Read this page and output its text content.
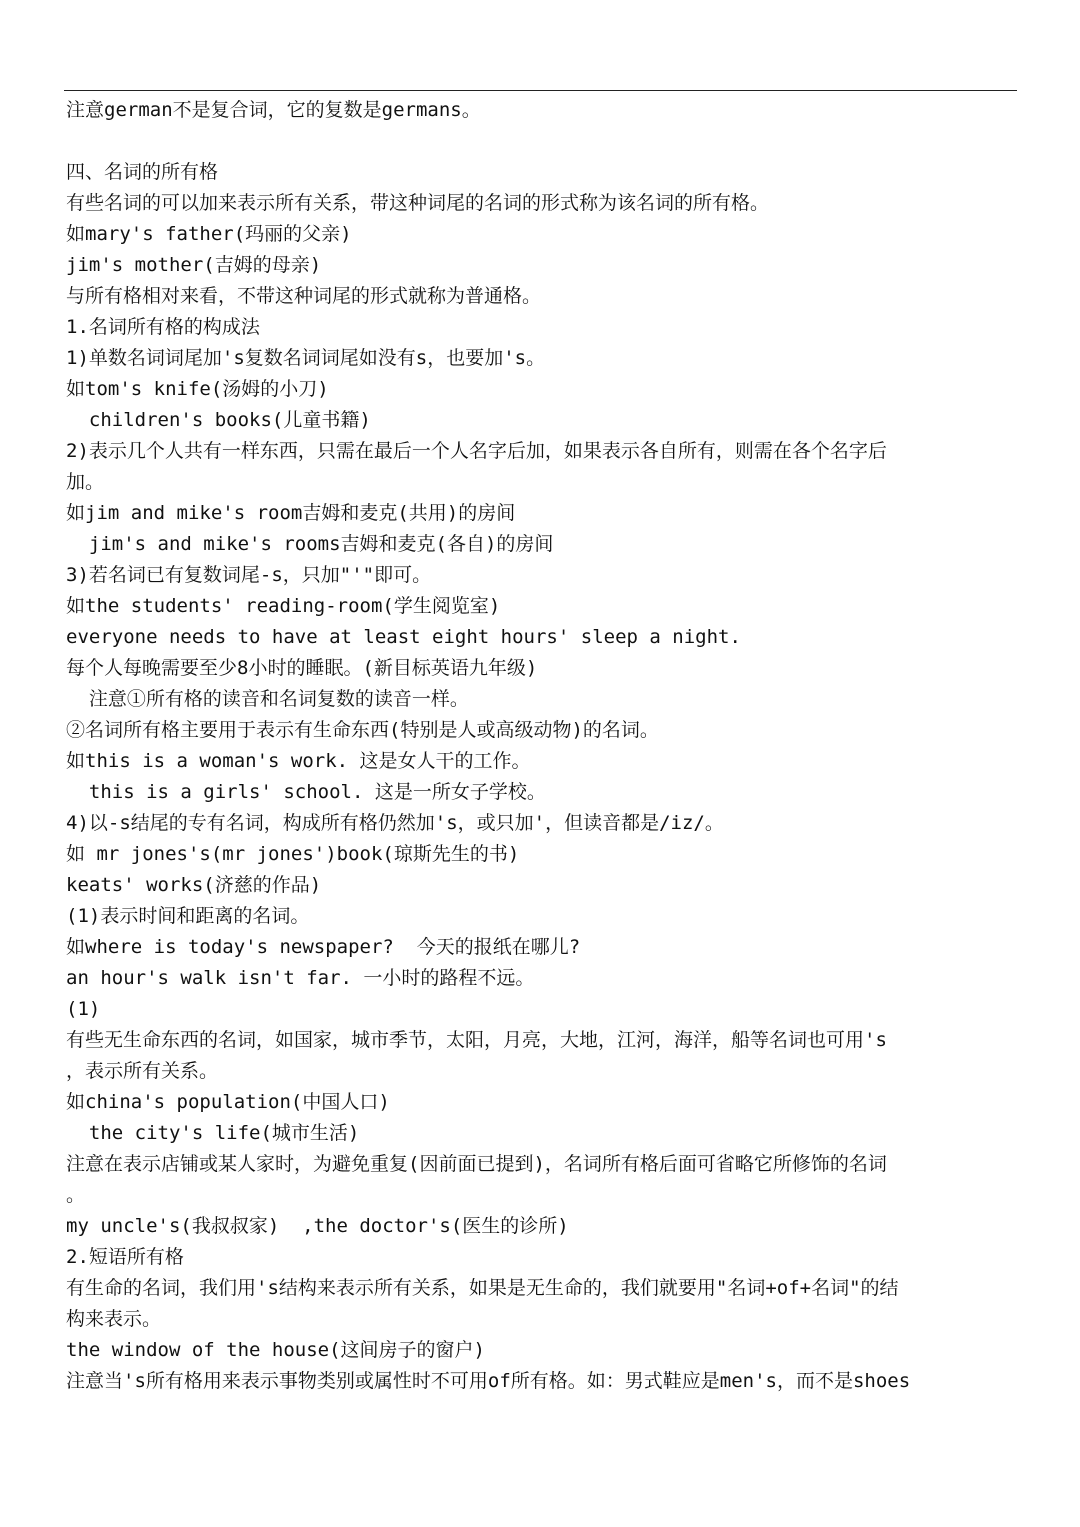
注意german不是复合词，它的复数是germans。
四、名词的所有格
有些名词的可以加来表示所有关系，带这种词尾的名词的形式称为该名词的所有格。
如mary's father(玛丽的父亲)
jim's mother(吉姆的母亲)
与所有格相对来看，不带这种词尾的形式就称为普通格。
1.名词所有格的构成法
1)单数名词词尾加's复数名词词尾如没有s，也要加's。
如tom's knife(汤姆的小刀)
children's books(儿童书籍)
2)表示几个人共有一样东西，只需在最后一个人名字后加，如果表示各自所有，则需在各个名字后
加。
如jim and mike's room吉姆和麦克(共用)的房间
jim's and mike's rooms吉姆和麦克(各自)的房间
3)若名词已有复数词尾-s，只加"'"即可。
如the students' reading-room(学生阅览室)
everyone needs to have at least eight hours' sleep a night.
每个人每晚需要至少8小时的睡眠。(新目标英语九年级)
注意①所有格的读音和名词复数的读音一样。
②名词所有格主要用于表示有生命东西(特别是人或高级动物)的名词。
如this is a woman's work. 这是女人干的工作。
this is a girls' school. 这是一所女子学校。
4)以-s结尾的专有名词，构成所有格仍然加's，或只加'，但读音都是/iz/。
如 mr jones's(mr jones')book(琼斯先生的书)
keats' works(济慈的作品)
(1)表示时间和距离的名词。
如where is today's newspaper?  今天的报纸在哪儿?
an hour's walk isn't far. 一小时的路程不远。
(1)
有些无生命东西的名词，如国家，城市季节，太阳，月亮，大地，江河，海洋，船等名词也可用's
，表示所有关系。
如china's population(中国人口)
the city's life(城市生活)
注意在表示店铺或某人家时，为避免重复(因前面已提到)，名词所有格后面可省略它所修饰的名词
。
my uncle's(我叔叔家)  ,the doctor's(医生的诊所)
2.短语所有格
有生命的名词，我们用's结构来表示所有关系，如果是无生命的，我们就要用"名词+of+名词"的结
构来表示。
the window of the house(这间房子的窗户)
注意当's所有格用来表示事物类别或属性时不可用of所有格。如：男式鞋应是men's，而不是shoes
